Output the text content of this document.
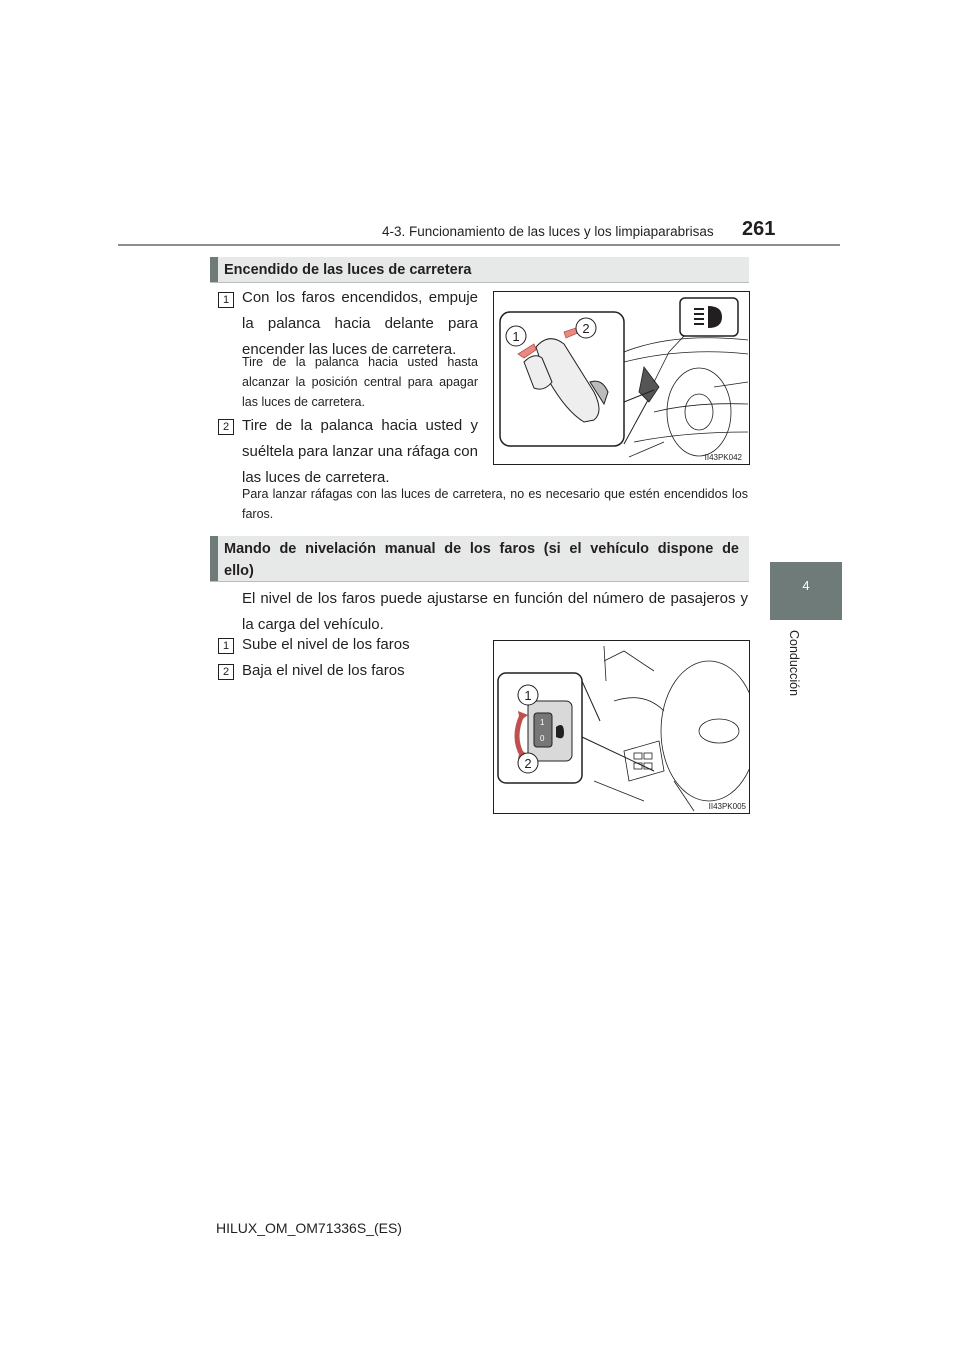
4-3. Funcionamiento de las luces y los limpiaparabrisas 261
4
Conducción
Encendido de las luces de carretera
1 Con los faros encendidos, empuje la palanca hacia delante para encender las luces de carretera.
Tire de la palanca hacia usted hasta alcanzar la posición central para apagar las luces de carretera.
2 Tire de la palanca hacia usted y suéltela para lanzar una ráfaga con las luces de carretera.
Para lanzar ráfagas con las luces de carretera, no es necesario que estén encendidos los faros.
1
2
II43PK042
Mando de nivelación manual de los faros (si el vehículo dispone de
ello)
El nivel de los faros puede ajustarse en función del número de pasajeros y la carga del vehículo.
1 Sube el nivel de los faros
2 Baja el nivel de los faros
1
0
1
2
II43PK005
HILUX_OM_OM71336S_(ES)
